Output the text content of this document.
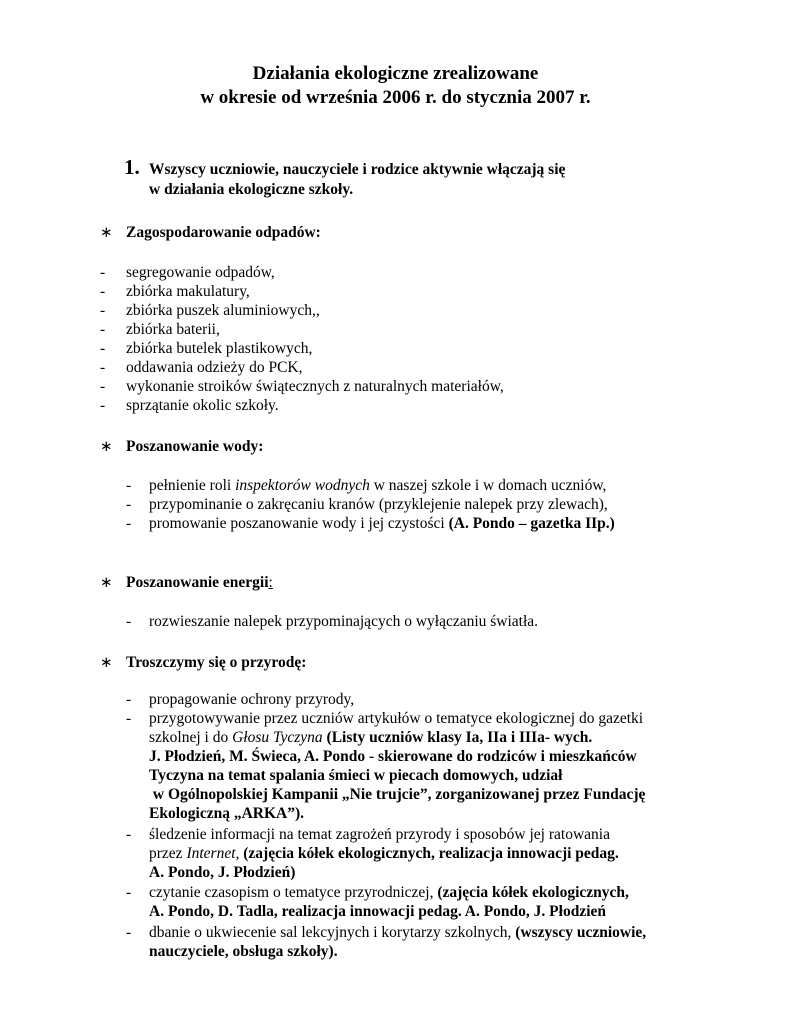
Działania ekologiczne zrealizowane
w okresie od września 2006 r. do stycznia 2007 r.
1. Wszyscy uczniowie, nauczyciele i rodzice aktywnie włączają się
w działania ekologiczne szkoły.
∗ Zagospodarowanie odpadów:
- segregowanie odpadów,
- zbiórka makulatury,
- zbiórka puszek aluminiowych,,
- zbiórka baterii,
- zbiórka butelek plastikowych,
- oddawania odzieży do PCK,
- wykonanie stroików świątecznych z naturalnych materiałów,
- sprzątanie okolic szkoły.
∗ Poszanowanie wody:
- pełnienie roli inspektorów wodnych w naszej szkole i w domach uczniów,
- przypominanie o zakręcaniu kranów (przyklejenie nalepek przy zlewach),
- promowanie poszanowanie wody i jej czystości (A. Pondo – gazetka IIp.)
∗ Poszanowanie energii:
- rozwieszanie nalepek przypominających o wyłączaniu światła.
∗ Troszczymy się o przyrodę:
- propagowanie ochrony przyrody,
- przygotowywanie przez uczniów artykułów o tematyce ekologicznej do gazetki
szkolnej i do Głosu Tyczyna (Listy uczniów klasy Ia, IIa i IIIa- wych.
J. Płodzień, M. Świeca, A. Pondo - skierowane do rodziców i mieszkańców
Tyczyna na temat spalania śmieci w piecach domowych, udział
w Ogólnopolskiej Kampanii „Nie trujcie”, zorganizowanej przez Fundację
Ekologiczną „ARKA”).
- śledzenie informacji na temat zagrożeń przyrody i sposobów jej ratowania
przez Internet, (zajęcia kółek ekologicznych, realizacja innowacji pedag.
A. Pondo, J. Płodzień)
- czytanie czasopism o tematyce przyrodniczej, (zajęcia kółek ekologicznych,
A. Pondo, D. Tadla, realizacja innowacji pedag. A. Pondo, J. Płodzień
- dbanie o ukwiecenie sal lekcyjnych i korytarzy szkolnych, (wszyscy uczniowie,
nauczyciele, obsługa szkoły).
